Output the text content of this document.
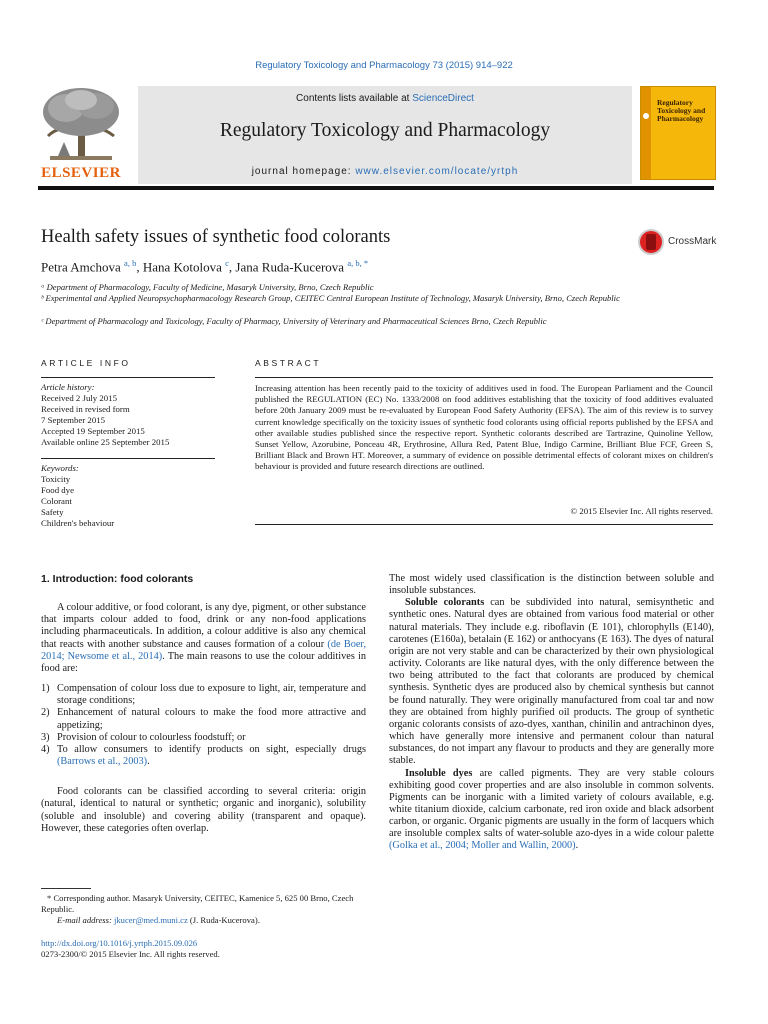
Regulatory Toxicology and Pharmacology 73 (2015) 914–922
ELSEVIER
Contents lists available at ScienceDirect
Regulatory Toxicology and Pharmacology
journal homepage: www.elsevier.com/locate/yrtph
Regulatory Toxicology and Pharmacology
Health safety issues of synthetic food colorants	CrossMark
Petra Amchova $^{a, b}$, Hana Kotolova $^c$, Jana Ruda-Kucerova $^{a, b, *}$
ᵃ Department of Pharmacology, Faculty of Medicine, Masaryk University, Brno, Czech Republic
ᵇ Experimental and Applied Neuropsychopharmacology Research Group, CEITEC Central European Institute of Technology, Masaryk University, Brno, Czech Republic
ᶜ Department of Pharmacology and Toxicology, Faculty of Pharmacy, University of Veterinary and Pharmaceutical Sciences Brno, Czech Republic
ARTICLE INFO
Article history:
Received 2 July 2015
Received in revised form
7 September 2015
Accepted 19 September 2015
Available online 25 September 2015
Keywords:
Toxicity
Food dye
Colorant
Safety
Children's behaviour
ABSTRACT
Increasing attention has been recently paid to the toxicity of additives used in food. The European Parliament and the Council published the REGULATION (EC) No. 1333/2008 on food additives establishing that the toxicity of food additives evaluated before 20th January 2009 must be re-evaluated by European Food Safety Authority (EFSA). The aim of this review is to survey current knowledge specifically on the toxicity issues of synthetic food colorants using official reports published by the EFSA and other available studies published since the respective report. Synthetic colorants described are Tartrazine, Quinoline Yellow, Sunset Yellow, Azorubine, Ponceau 4R, Erythrosine, Allura Red, Patent Blue, Indigo Carmine, Brilliant Blue FCF, Green S, Brilliant Black and Brown HT. Moreover, a summary of evidence on possible detrimental effects of colorant mixes on children's behaviour is provided and future research directions are outlined.
© 2015 Elsevier Inc. All rights reserved.
1. Introduction: food colorants

A colour additive, or food colorant, is any dye, pigment, or other substance that imparts colour added to food, drink or any non-food applications including pharmaceuticals. In addition, a colour additive is also any chemical that reacts with another substance and causes formation of a colour (de Boer, 2014; Newsome et al., 2014). The main reasons to use the colour additives in food are:

1) Compensation of colour loss due to exposure to light, air, temperature and storage conditions;
2) Enhancement of natural colours to make the food more attractive and appetizing;
3) Provision of colour to colourless foodstuff; or
4) To allow consumers to identify products on sight, especially drugs (Barrows et al., 2003).

Food colorants can be classified according to several criteria: origin (natural, identical to natural or synthetic; organic and inorganic), solubility (soluble and insoluble) and covering ability (transparent and opaque). However, these categories often overlap.

* Corresponding author. Masaryk University, CEITEC, Kamenice 5, 625 00 Brno, Czech Republic.
E-mail address: jkucer@med.muni.cz (J. Ruda-Kucerova).
http://dx.doi.org/10.1016/j.yrtph.2015.09.026
0273-2300/© 2015 Elsevier Inc. All rights reserved.

The most widely used classification is the distinction between soluble and insoluble substances.

Soluble colorants can be subdivided into natural, semisynthetic and synthetic ones. Natural dyes are obtained from various food material or other natural materials. They include e.g. riboflavin (E 101), chlorophylls (E140), carotenes (E160a), betalain (E 162) or anthocyans (E 163). The dyes of natural origin are not very stable and can be characterized by their own physiological activity. Colorants are like natural dyes, with the only difference between the two being attributed to the fact that colorants are produced by chemical synthesis. Synthetic dyes are produced also by chemical synthesis but cannot be found naturally. They were originally manufactured from coal tar and now they are obtained from highly purified oil products. The group of synthetic organic colorants consists of azo-dyes, xanthan, chinilin and antrachinon dyes, which have generally more intensive and permanent colour than natural substances, do not impart any flavour to products and they are generally more stable.

Insoluble dyes are called pigments. They are very stable colours exhibiting good cover properties and are also insoluble in common solvents. Pigments can be inorganic with a limited variety of colours available, e.g. white titanium dioxide, calcium carbonate, red iron oxide and black adsorbent carbon, or organic. Organic pigments are usually in the form of lacquers which are insoluble complex salts of water-soluble azo-dyes in a wide colour palette (Golka et al., 2004; Moller and Wallin, 2000).
